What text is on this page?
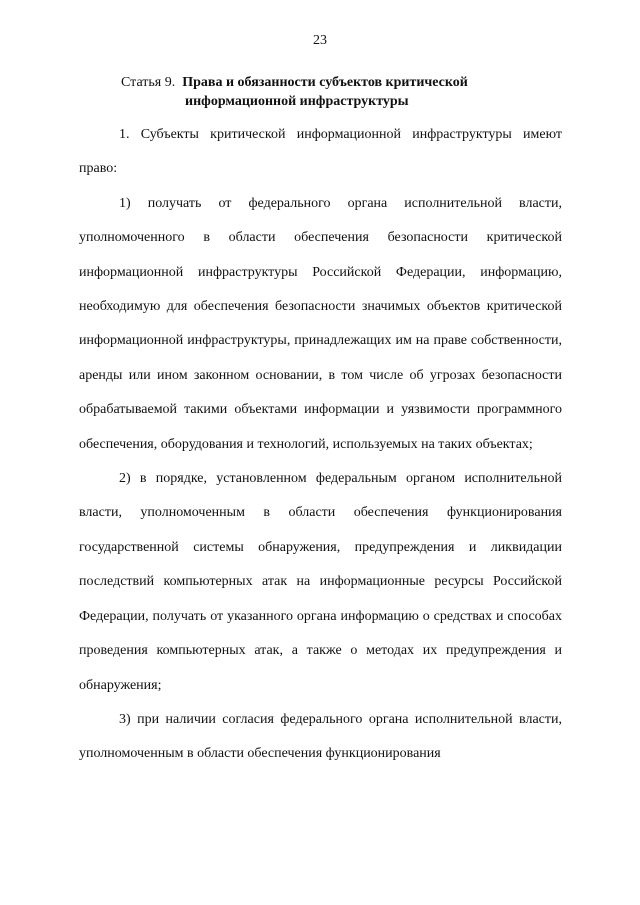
23
Статья 9. Права и обязанности субъектов критической
информационной инфраструктуры

1. Субъекты критической информационной инфраструктуры имеют право:

1) получать от федерального органа исполнительной власти, уполномоченного в области обеспечения безопасности критической информационной инфраструктуры Российской Федерации, информацию, необходимую для обеспечения безопасности значимых объектов критической информационной инфраструктуры, принадлежащих им на праве собственности, аренды или ином законном основании, в том числе об угрозах безопасности обрабатываемой такими объектами информации и уязвимости программного обеспечения, оборудования и технологий, используемых на таких объектах;

2) в порядке, установленном федеральным органом исполнительной власти, уполномоченным в области обеспечения функционирования государственной системы обнаружения, предупреждения и ликвидации последствий компьютерных атак на информационные ресурсы Российской Федерации, получать от указанного органа информацию о средствах и способах проведения компьютерных атак, а также о методах их предупреждения и обнаружения;

3) при наличии согласия федерального органа исполнительной власти, уполномоченным в области обеспечения функционирования
